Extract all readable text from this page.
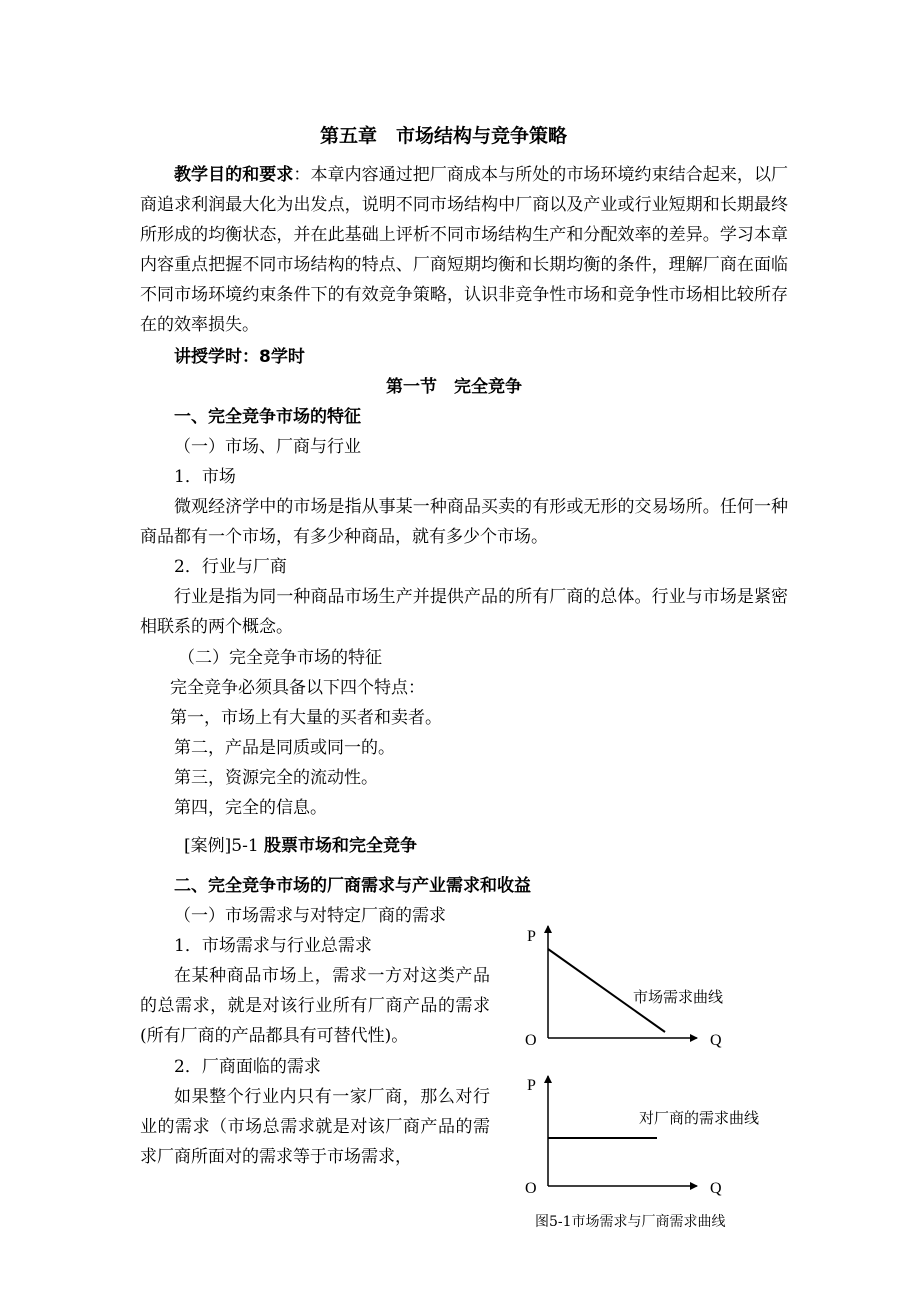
第五章　市场结构与竞争策略
教学目的和要求：本章内容通过把厂商成本与所处的市场环境约束结合起来，以厂商追求利润最大化为出发点，说明不同市场结构中厂商以及产业或行业短期和长期最终所形成的均衡状态，并在此基础上评析不同市场结构生产和分配效率的差异。学习本章内容重点把握不同市场结构的特点、厂商短期均衡和长期均衡的条件，理解厂商在面临不同市场环境约束条件下的有效竞争策略，认识非竞争性市场和竞争性市场相比较所存在的效率损失。
讲授学时：8学时
第一节　完全竞争
一、完全竞争市场的特征
（一）市场、厂商与行业
1．市场
微观经济学中的市场是指从事某一种商品买卖的有形或无形的交易场所。任何一种商品都有一个市场，有多少种商品，就有多少个市场。
2．行业与厂商
行业是指为同一种商品市场生产并提供产品的所有厂商的总体。行业与市场是紧密相联系的两个概念。
（二）完全竞争市场的特征
完全竞争必须具备以下四个特点：
第一，市场上有大量的买者和卖者。
第二，产品是同质或同一的。
第三，资源完全的流动性。
第四，完全的信息。
[案例]5-1 股票市场和完全竞争
二、完全竞争市场的厂商需求与产业需求和收益
（一）市场需求与对特定厂商的需求
1．市场需求与行业总需求
在某种商品市场上，需求一方对这类产品的总需求，就是对该行业所有厂商产品的需求(所有厂商的产品都具有可替代性)。
2．厂商面临的需求
如果整个行业内只有一家厂商，那么对行业的需求（市场总需求就是对该厂商产品的需求厂商所面对的需求等于市场需求，
P
O	Q
市场需求曲线
P
O	Q
对厂商的需求曲线
图5-1市场需求与厂商需求曲线
